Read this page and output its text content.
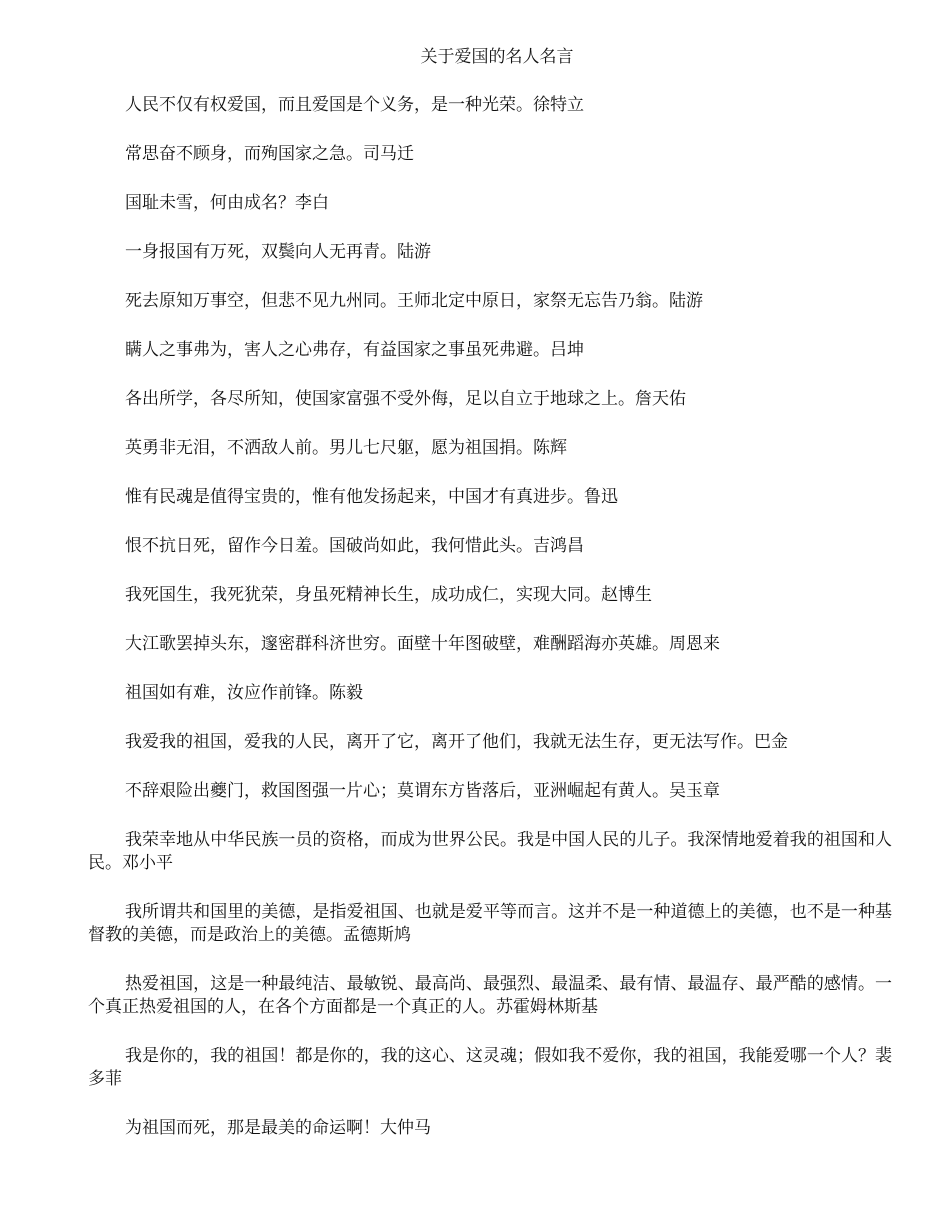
关于爱国的名人名言

人民不仅有权爱国，而且爱国是个义务，是一种光荣。徐特立

常思奋不顾身，而殉国家之急。司马迁

国耻未雪，何由成名？李白

一身报国有万死，双鬓向人无再青。陆游

死去原知万事空，但悲不见九州同。王师北定中原日，家祭无忘告乃翁。陆游

瞒人之事弗为，害人之心弗存，有益国家之事虽死弗避。吕坤

各出所学，各尽所知，使国家富强不受外侮，足以自立于地球之上。詹天佑

英勇非无泪，不洒敌人前。男儿七尺躯，愿为祖国捐。陈辉

惟有民魂是值得宝贵的，惟有他发扬起来，中国才有真进步。鲁迅

恨不抗日死，留作今日羞。国破尚如此，我何惜此头。吉鸿昌

我死国生，我死犹荣，身虽死精神长生，成功成仁，实现大同。赵博生

大江歌罢掉头东，邃密群科济世穷。面壁十年图破壁，难酬蹈海亦英雄。周恩来

祖国如有难，汝应作前锋。陈毅

我爱我的祖国，爱我的人民，离开了它，离开了他们，我就无法生存，更无法写作。巴金

不辞艰险出夔门，救国图强一片心；莫谓东方皆落后，亚洲崛起有黄人。吴玉章

我荣幸地从中华民族一员的资格，而成为世界公民。我是中国人民的儿子。我深情地爱着我的祖国和人民。邓小平

我所谓共和国里的美德，是指爱祖国、也就是爱平等而言。这并不是一种道德上的美德，也不是一种基督教的美德，而是政治上的美德。孟德斯鸠

热爱祖国，这是一种最纯洁、最敏锐、最高尚、最强烈、最温柔、最有情、最温存、最严酷的感情。一个真正热爱祖国的人，在各个方面都是一个真正的人。苏霍姆林斯基

我是你的，我的祖国！都是你的，我的这心、这灵魂；假如我不爱你，我的祖国，我能爱哪一个人？裴多菲

为祖国而死，那是最美的命运啊！大仲马
